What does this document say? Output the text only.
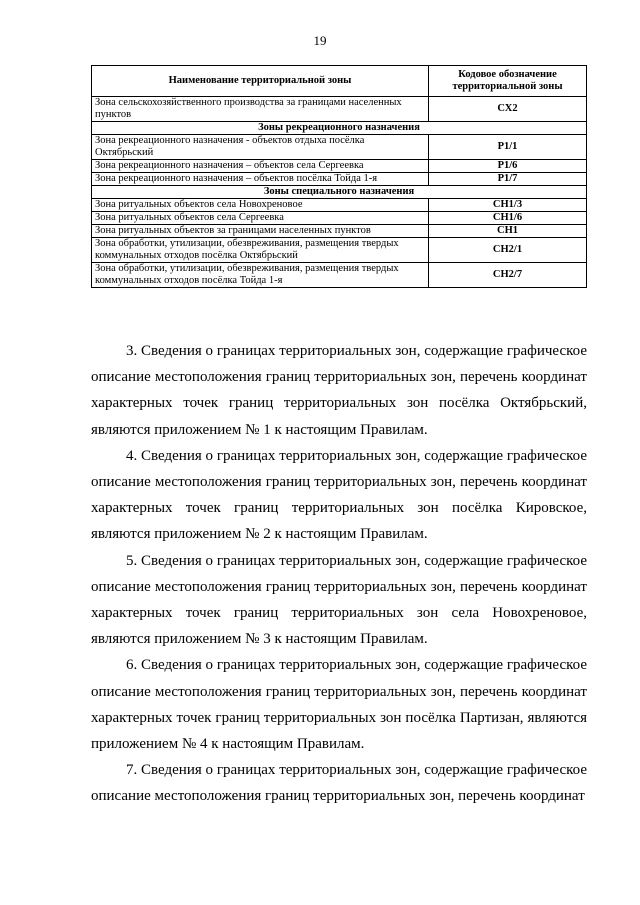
19
Наименование территориальной зоны	Кодовое обозначение территориальной зоны
Зона сельскохозяйственного производства за границами населенных пунктов	СХ2
Зоны рекреационного назначения	
Зона рекреационного назначения - объектов отдыха посёлка Октябрьский	Р1/1
Зона рекреационного назначения – объектов села Сергеевка	Р1/6
Зона рекреационного назначения – объектов посёлка Тойда 1-я	Р1/7
Зоны специального назначения	
Зона ритуальных объектов села Новохреновое	СН1/3
Зона ритуальных объектов села Сергеевка	СН1/6
Зона ритуальных объектов за границами населенных пунктов	СН1
Зона обработки, утилизации, обезвреживания, размещения твердых коммунальных отходов посёлка Октябрьский	СН2/1
Зона обработки, утилизации, обезвреживания, размещения твердых коммунальных отходов посёлка Тойда 1-я	СН2/7

3. Сведения о границах территориальных зон, содержащие графическое описание местоположения границ территориальных зон, перечень координат характерных точек границ территориальных зон посёлка Октябрьский, являются приложением № 1 к настоящим Правилам.

4. Сведения о границах территориальных зон, содержащие графическое описание местоположения границ территориальных зон, перечень координат характерных точек границ территориальных зон посёлка Кировское, являются приложением № 2 к настоящим Правилам.

5. Сведения о границах территориальных зон, содержащие графическое описание местоположения границ территориальных зон, перечень координат характерных точек границ территориальных зон села Новохреновое, являются приложением № 3 к настоящим Правилам.

6. Сведения о границах территориальных зон, содержащие графическое описание местоположения границ территориальных зон, перечень координат характерных точек границ территориальных зон посёлка Партизан, являются приложением № 4 к настоящим Правилам.

7. Сведения о границах территориальных зон, содержащие графическое описание местоположения границ территориальных зон, перечень координат
